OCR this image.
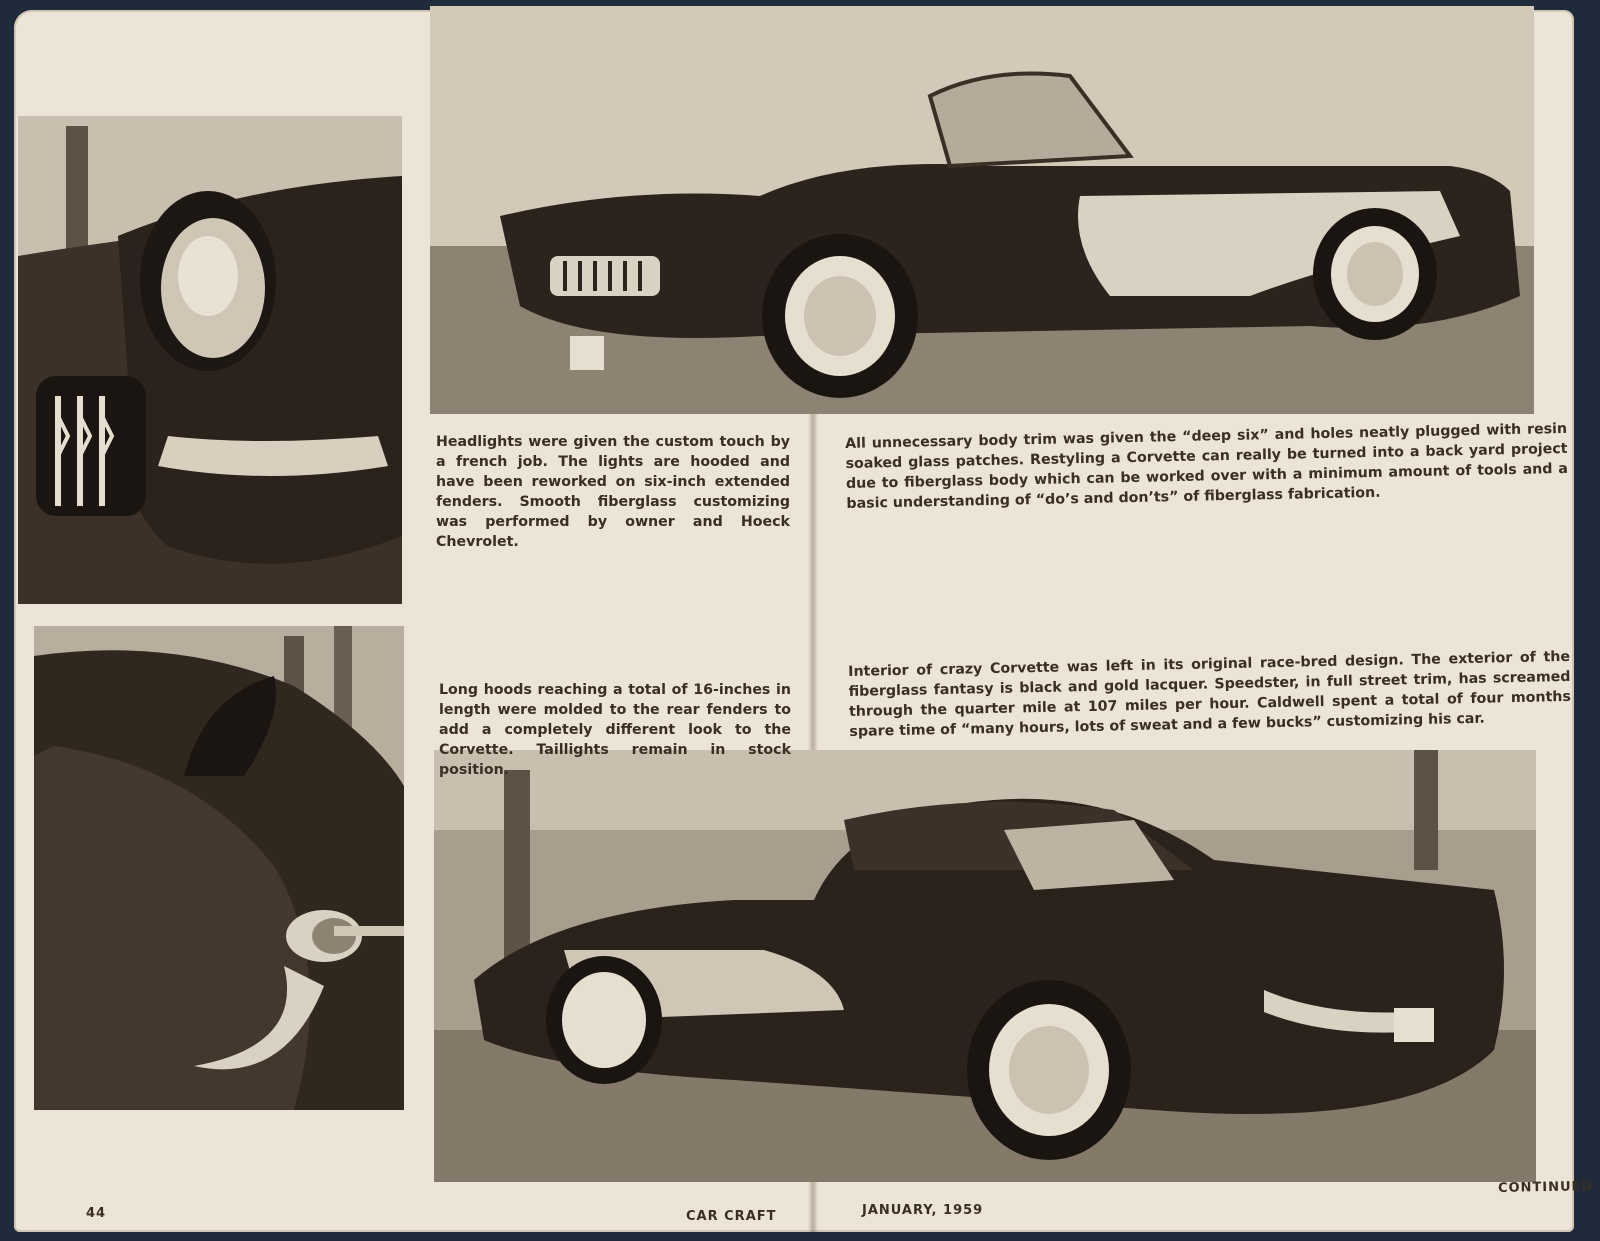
Headlights were given the custom touch by a french job. The lights are hooded and have been reworked on six-inch extended fenders. Smooth fiberglass customizing was performed by owner and Hoeck Chevrolet.
All unnecessary body trim was given the “deep six” and holes neatly plugged with resin soaked glass patches. Restyling a Corvette can really be turned into a back yard project due to fiberglass body which can be worked over with a minimum amount of tools and a basic understanding of “do’s and don’ts” of fiberglass fabrication.
Long hoods reaching a total of 16-inches in length were molded to the rear fenders to add a completely different look to the Corvette. Taillights remain in stock position.
Interior of crazy Corvette was left in its original race-bred design. The exterior of the fiberglass fantasy is black and gold lacquer. Speedster, in full street trim, has screamed through the quarter mile at 107 miles per hour. Caldwell spent a total of four months spare time of “many hours, lots of sweat and a few bucks” customizing his car.
44	CAR CRAFT	JANUARY, 1959
CONTINUED
